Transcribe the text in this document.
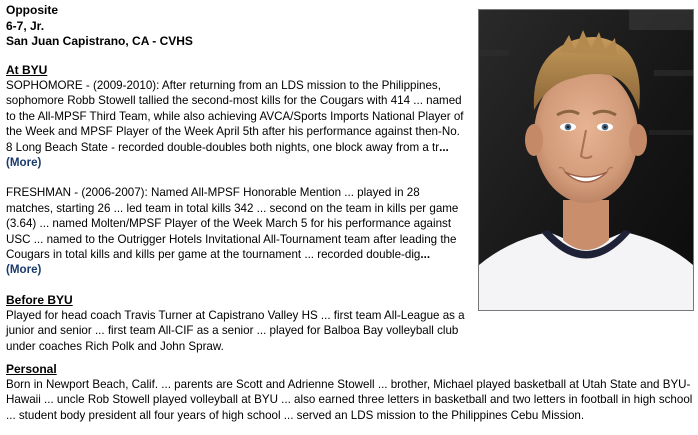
Opposite
6-7, Jr.
San Juan Capistrano, CA - CVHS
At BYU

SOPHOMORE - (2009-2010): After returning from an LDS mission to the Philippines, sophomore Robb Stowell tallied the second-most kills for the Cougars with 414 ... named to the All-MPSF Third Team, while also achieving AVCA/Sports Imports National Player of the Week and MPSF Player of the Week April 5th after his performance against then-No. 8 Long Beach State - recorded double-doubles both nights, one block away from a tr... (More)

FRESHMAN - (2006-2007): Named All-MPSF Honorable Mention ... played in 28 matches, starting 26 ... led team in total kills 342 ... second on the team in kills per game (3.64) ... named Molten/MPSF Player of the Week March 5 for his performance against USC ... named to the Outrigger Hotels Invitational All-Tournament team after leading the Cougars in total kills and kills per game at the tournament ... recorded double-dig... (More)

Before BYU

Played for head coach Travis Turner at Capistrano Valley HS ... first team All-League as a junior and senior ... first team All-CIF as a senior ... played for Balboa Bay volleyball club under coaches Rich Polk and John Spraw.

Personal

Born in Newport Beach, Calif. ... parents are Scott and Adrienne Stowell ... brother, Michael played basketball at Utah State and BYU-Hawaii ... uncle Rob Stowell played volleyball at BYU ... also earned three letters in basketball and two letters in football in high school ... student body president all four years of high school ... served an LDS mission to the Philippines Cebu Mission.
